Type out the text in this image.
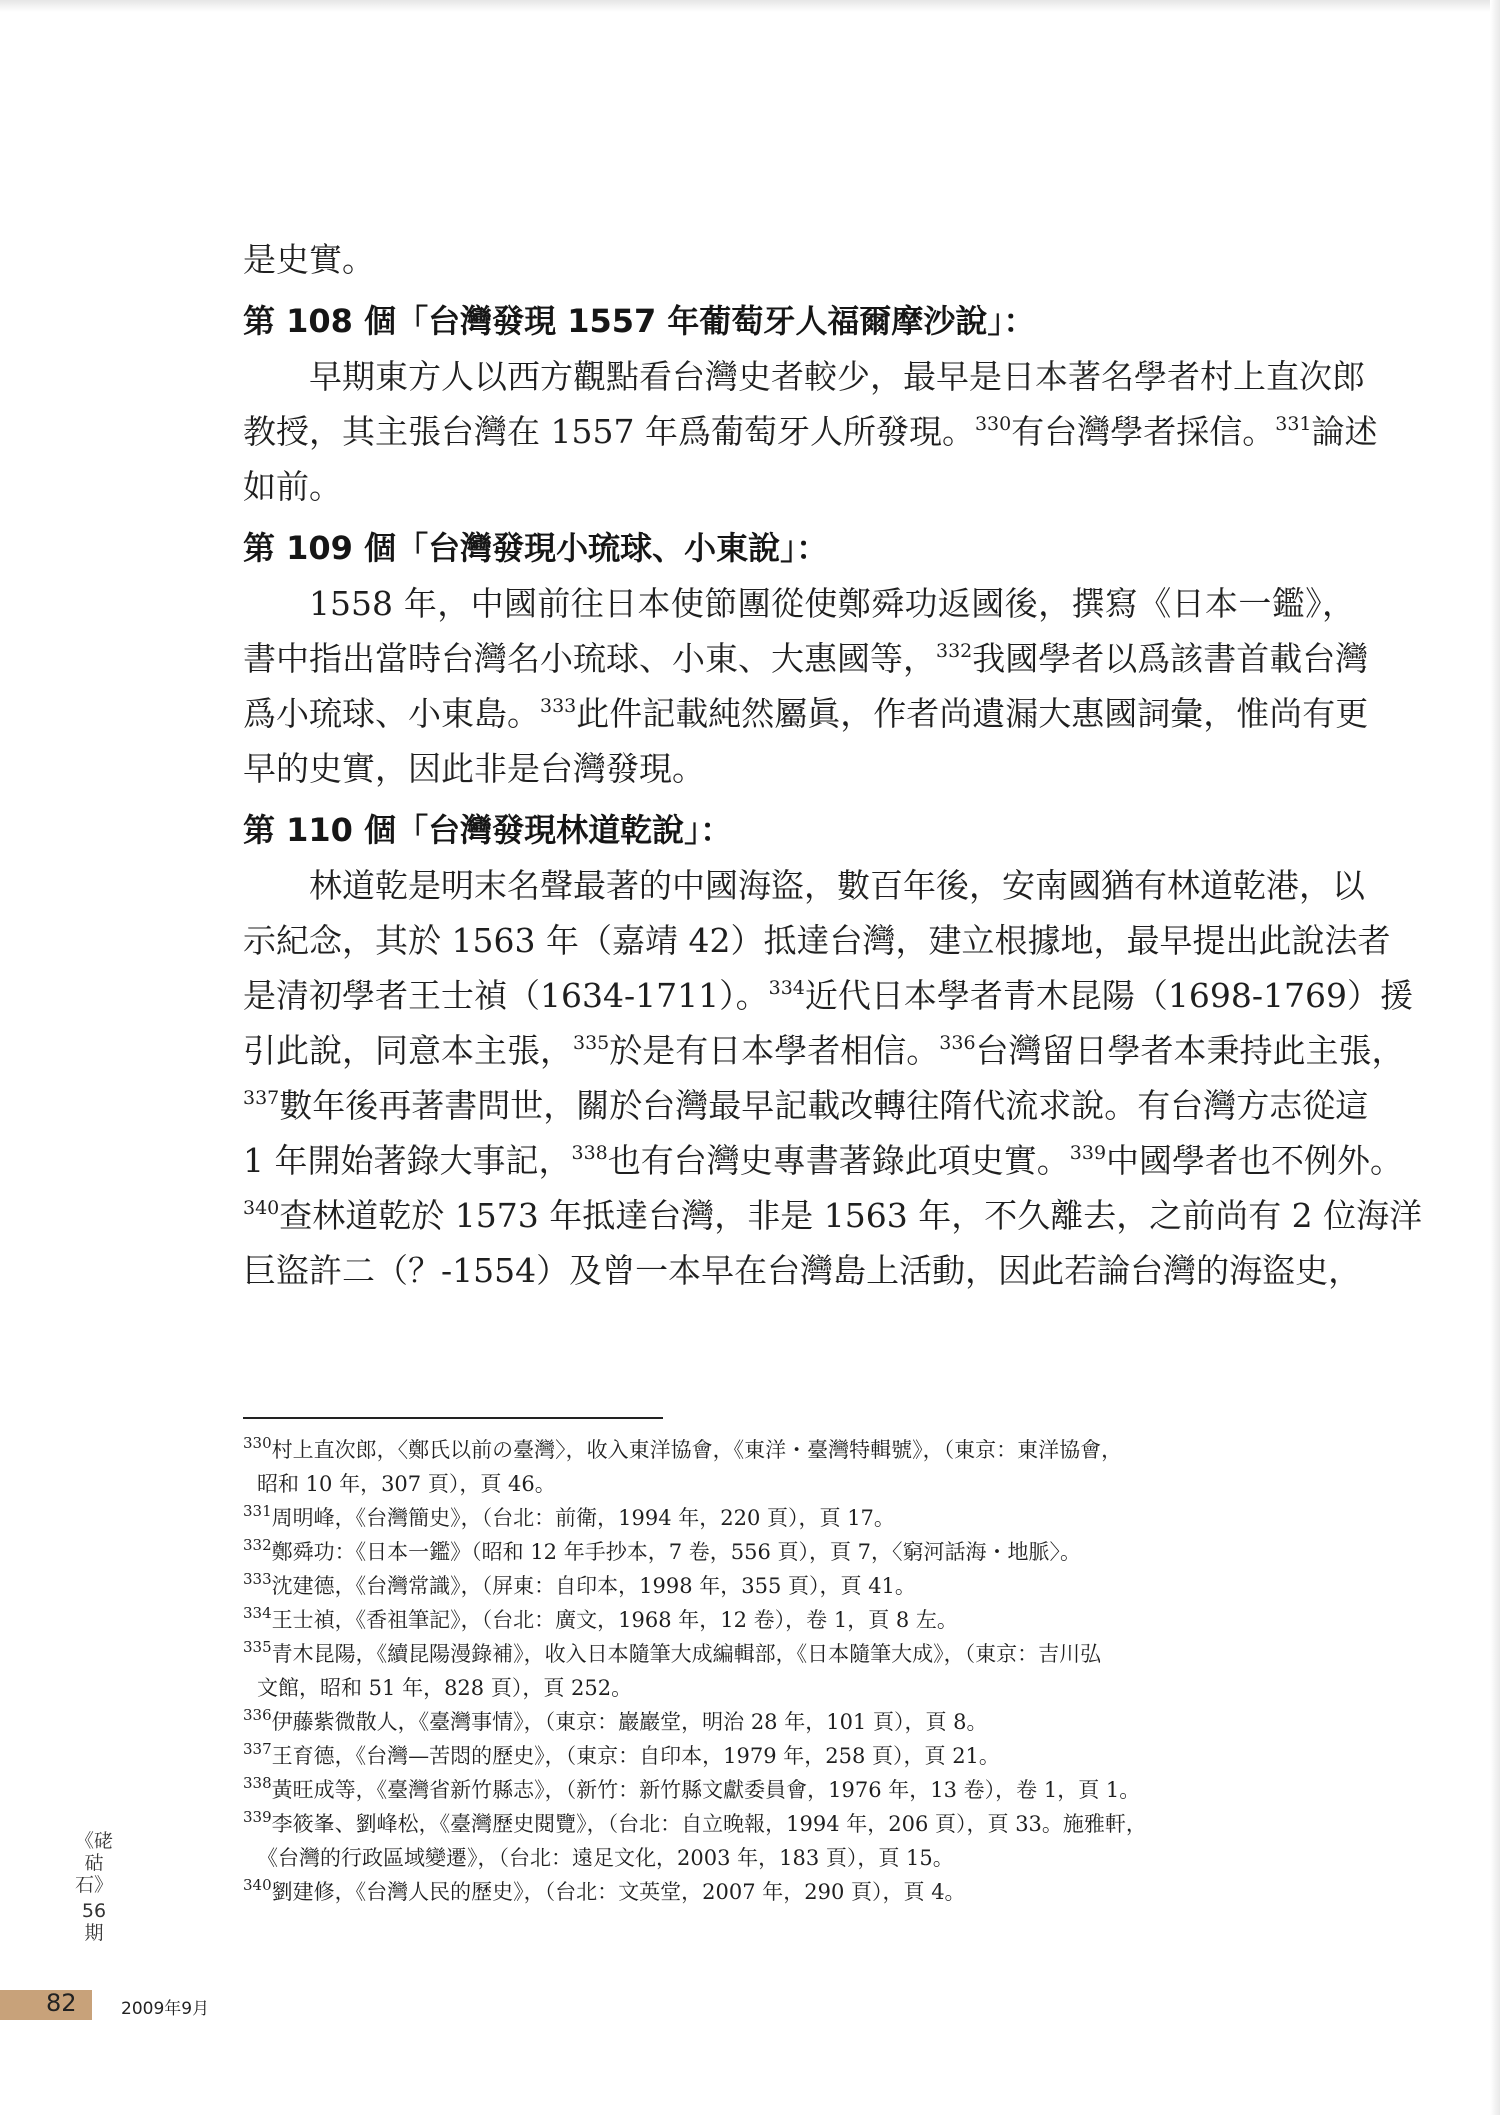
是史實。
第 108 個「台灣發現 1557 年葡萄牙人福爾摩沙說」：
早期東方人以西方觀點看台灣史者較少，最早是日本著名學者村上直次郎
教授，其主張台灣在 1557 年爲葡萄牙人所發現。$^{330}$有台灣學者採信。$^{331}$論述
如前。
第 109 個「台灣發現小琉球、小東說」：
1558 年，中國前往日本使節團從使鄭舜功返國後，撰寫《日本一鑑》，
書中指出當時台灣名小琉球、小東、大惠國等，$^{332}$我國學者以爲該書首載台灣
爲小琉球、小東島。$^{333}$此件記載純然屬眞，作者尚遺漏大惠國詞彙，惟尚有更
早的史實，因此非是台灣發現。
第 110 個「台灣發現林道乾說」：
林道乾是明末名聲最著的中國海盜，數百年後，安南國猶有林道乾港，以
示紀念，其於 1563 年（嘉靖 42）抵達台灣，建立根據地，最早提出此說法者
是清初學者王士禎（1634-1711）。$^{334}$近代日本學者青木昆陽（1698-1769）援
引此說，同意本主張，$^{335}$於是有日本學者相信。$^{336}$台灣留日學者本秉持此主張，
$^{337}$數年後再著書問世，關於台灣最早記載改轉往隋代流求說。有台灣方志從這
1 年開始著錄大事記，$^{338}$也有台灣史專書著錄此項史實。$^{339}$中國學者也不例外。
$^{340}$查林道乾於 1573 年抵達台灣，非是 1563 年，不久離去，之前尚有 2 位海洋
巨盜許二（？-1554）及曾一本早在台灣島上活動，因此若論台灣的海盜史，
$^{330}$村上直次郎，〈鄭氏以前の臺灣〉，收入東洋協會，《東洋・臺灣特輯號》，（東京：東洋協會，
昭和 10 年，307 頁），頁 46。
$^{331}$周明峰，《台灣簡史》，（台北：前衛，1994 年，220 頁），頁 17。
$^{332}$鄭舜功：《日本一鑑》（昭和 12 年手抄本，7 卷，556 頁），頁 7，〈窮河話海・地脈〉。
$^{333}$沈建德，《台灣常識》，（屏東：自印本，1998 年，355 頁），頁 41。
$^{334}$王士禎，《香祖筆記》，（台北：廣文，1968 年，12 卷），卷 1，頁 8 左。
$^{335}$青木昆陽，《續昆陽漫錄補》，收入日本隨筆大成編輯部，《日本隨筆大成》，（東京：吉川弘
文館，昭和 51 年，828 頁），頁 252。
$^{336}$伊藤紫微散人，《臺灣事情》，（東京：巖巖堂，明治 28 年，101 頁），頁 8。
$^{337}$王育德，《台灣—苦悶的歷史》，（東京：自印本，1979 年，258 頁），頁 21。
$^{338}$黃旺成等，《臺灣省新竹縣志》，（新竹：新竹縣文獻委員會，1976 年，13 卷），卷 1，頁 1。
$^{339}$李筱峯、劉峰松，《臺灣歷史閱覽》，（台北：自立晚報，1994 年，206 頁），頁 33。施雅軒，
《台灣的行政區域變遷》，（台北：遠足文化，2003 年，183 頁），頁 15。
$^{340}$劉建修，《台灣人民的歷史》，（台北：文英堂，2007 年，290 頁），頁 4。
《硓𥑮石》
56期
82	2009年9月
